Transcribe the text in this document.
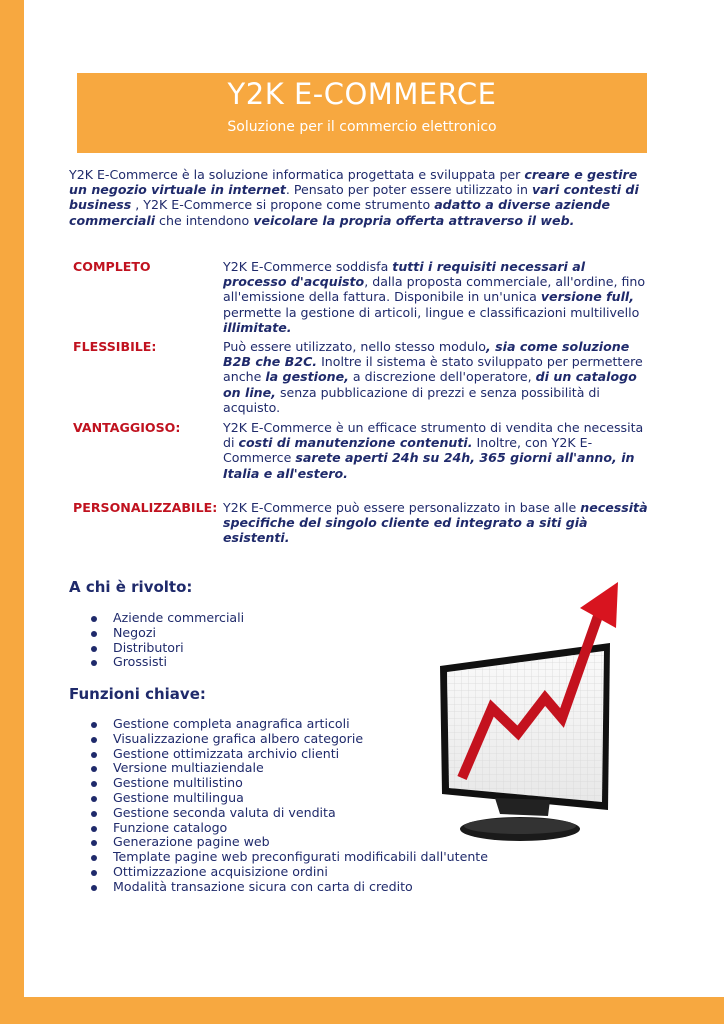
Y2K E-COMMERCE
Soluzione per il commercio elettronico
Y2K E-Commerce è la soluzione informatica progettata e sviluppata per creare e gestire un negozio virtuale in internet. Pensato per poter essere utilizzato in vari contesti di business , Y2K E-Commerce si propone come strumento adatto a diverse aziende commerciali che intendono veicolare la propria offerta attraverso il web.
COMPLETO	Y2K E-Commerce soddisfa tutti i requisiti necessari al processo d'acquisto, dalla proposta commerciale, all'ordine, fino all'emissione della fattura. Disponibile in un'unica versione full, permette la gestione di articoli, lingue e classificazioni multilivello illimitate.
FLESSIBILE:	Può essere utilizzato, nello stesso modulo, sia come soluzione B2B che B2C. Inoltre il sistema è stato sviluppato per permettere anche la gestione, a discrezione dell'operatore, di un catalogo on line, senza pubblicazione di prezzi e senza possibilità di acquisto.
VANTAGGIOSO:	Y2K E-Commerce è un efficace strumento di vendita che necessita di costi di manutenzione contenuti. Inoltre, con Y2K E-Commerce sarete aperti 24h su 24h, 365 giorni all'anno, in Italia e all'estero.
PERSONALIZZABILE: Y2K E-Commerce può essere personalizzato in base alle necessità specifiche del singolo cliente ed integrato a siti già esistenti.
A chi è rivolto:
Aziende commerciali
Negozi
Distributori
Grossisti
Funzioni chiave:
Gestione completa anagrafica articoli
Visualizzazione grafica albero categorie
Gestione ottimizzata archivio clienti
Versione multiaziendale
Gestione multilistino
Gestione multilingua
Gestione seconda valuta di vendita
Funzione catalogo
Generazione pagine web
Template pagine web preconfigurati modificabili dall'utente
Ottimizzazione acquisizione ordini
Modalità transazione sicura con carta di credito
